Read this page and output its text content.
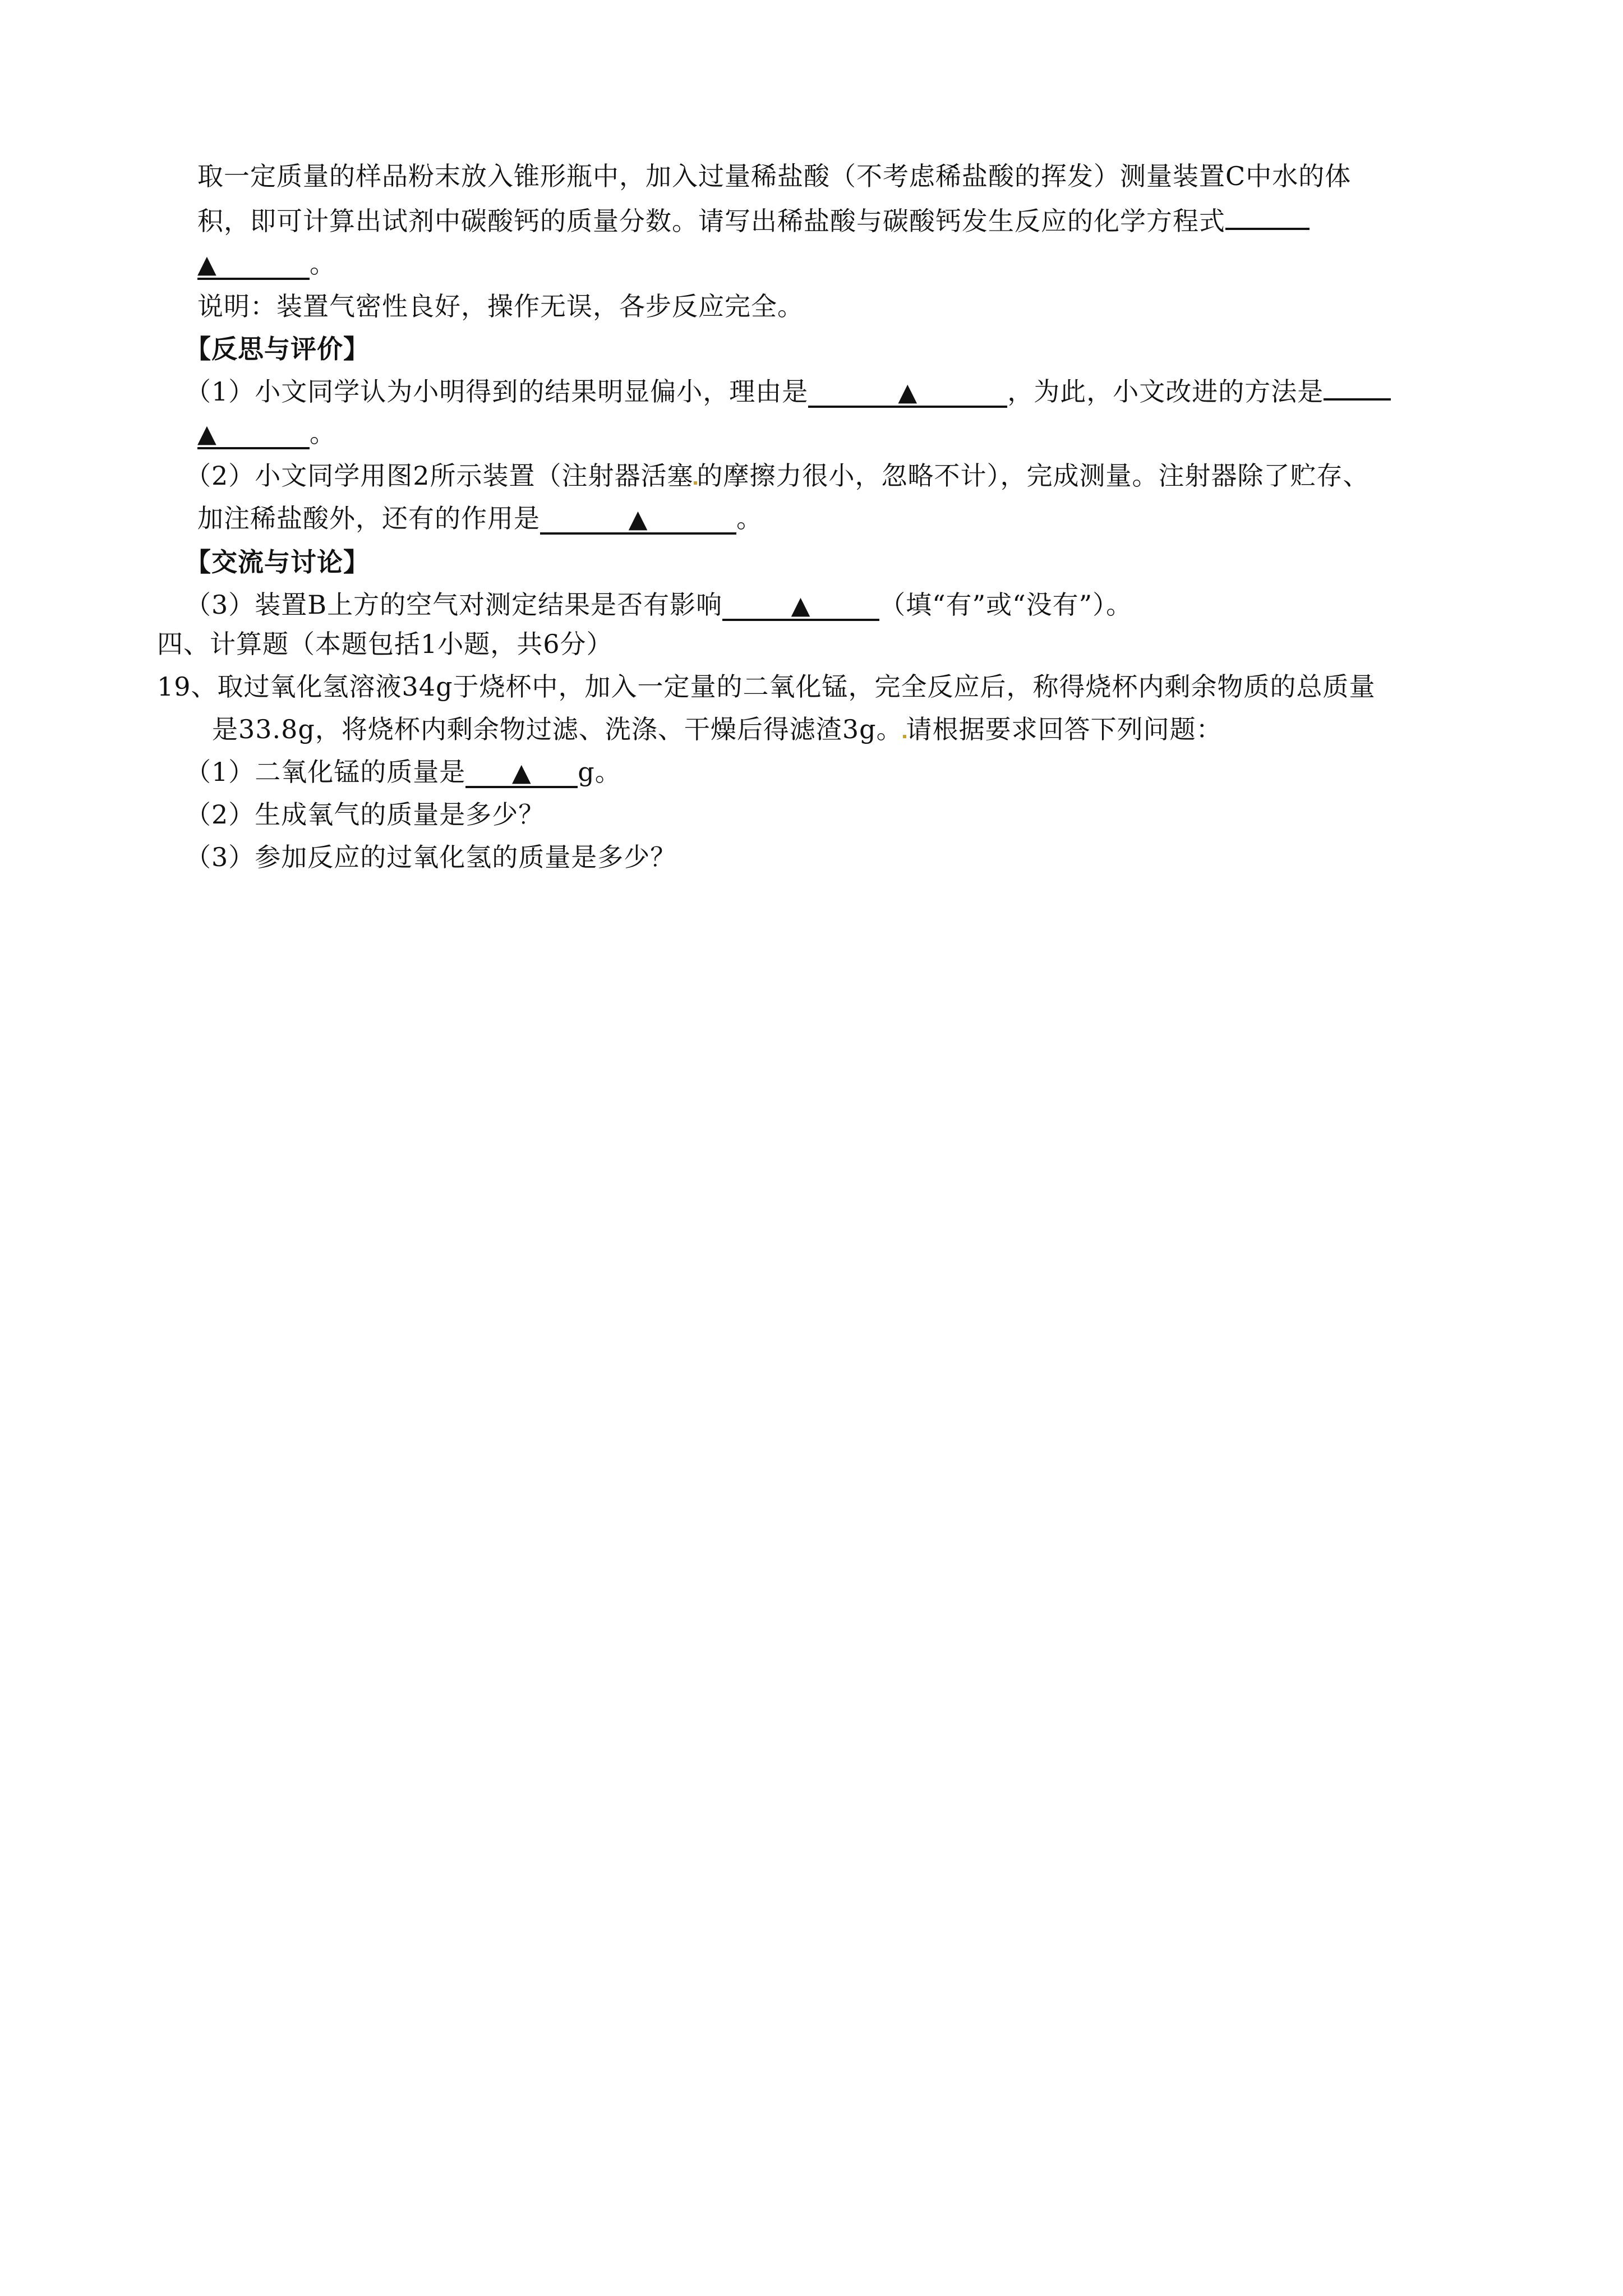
取一定质量的样品粉末放入锥形瓶中，加入过量稀盐酸（不考虑稀盐酸的挥发）测量装置C中水的体
积，即可计算出试剂中碳酸钙的质量分数。请写出稀盐酸与碳酸钙发生反应的化学方程式
▲	。
说明：装置气密性良好，操作无误，各步反应完全。
【反思与评价】
（1）小文同学认为小明得到的结果明显偏小，理由是	▲	，为此，小文改进的方法是
▲	。
（2）小文同学用图2所示装置（注射器活塞 的摩擦力很小，忽略不计），完成测量。注射器除了贮存、
加注稀盐酸外，还有的作用是	▲	。
【交流与讨论】
（3）装置B上方的空气对测定结果是否有影响	▲	（填“有”或“没有”）。
四、计算题（本题包括1小题，共6分）
19、取过氧化氢溶液34g于烧杯中，加入一定量的二氧化锰，完全反应后，称得烧杯内剩余物质的总质量
是33.8g，将烧杯内剩余物过滤、洗涤、干燥后得滤渣3g。 请根据要求回答下列问题：
（1）二氧化锰的质量是 ▲ g。
（2）生成氧气的质量是多少？
（3）参加反应的过氧化氢的质量是多少？
